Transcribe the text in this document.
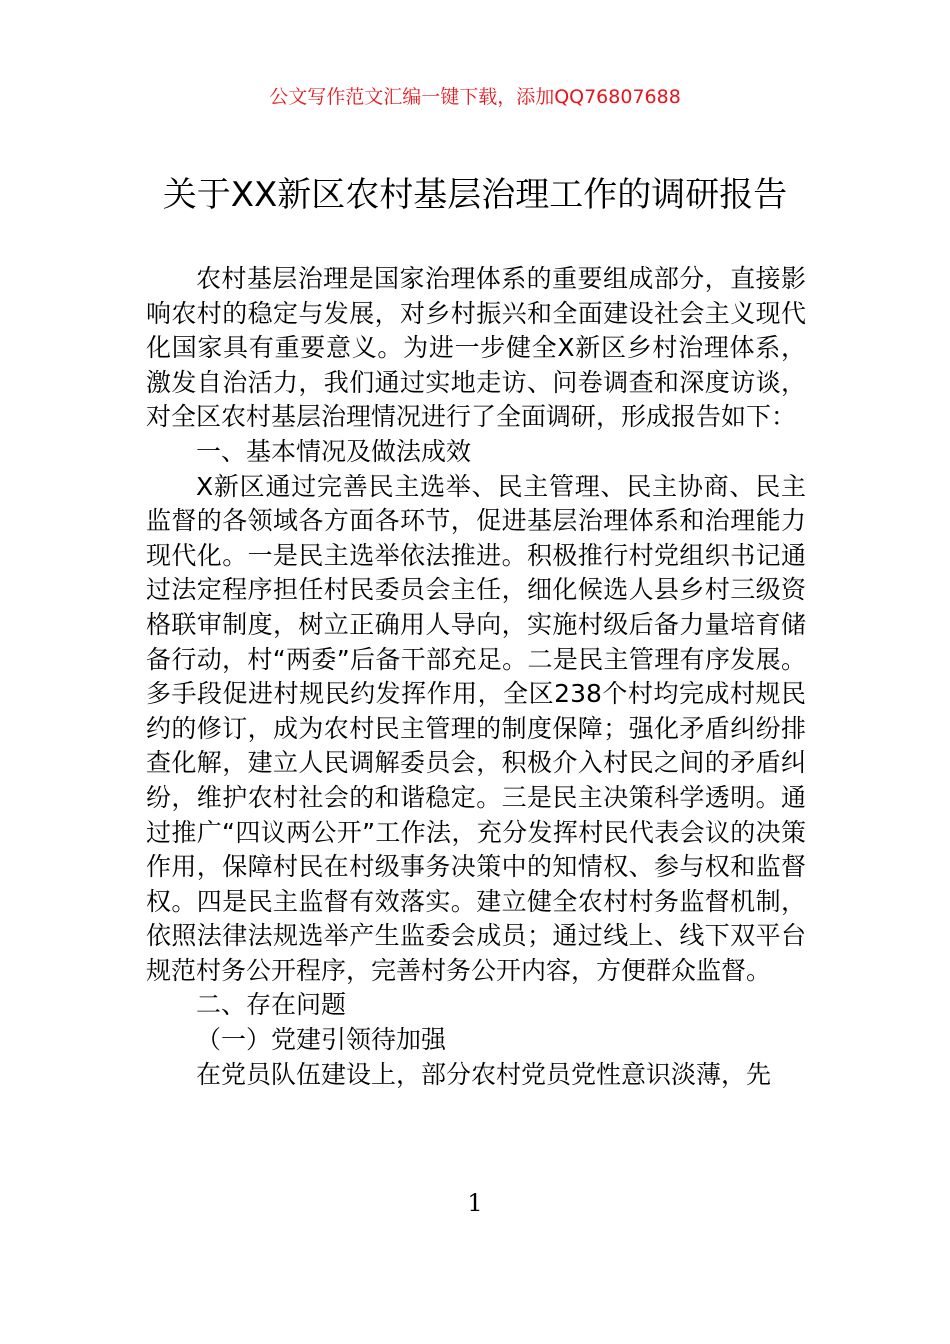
公文写作范文汇编一键下载，添加QQ76807688
关于XX新区农村基层治理工作的调研报告

农村基层治理是国家治理体系的重要组成部分，直接影响农村的稳定与发展，对乡村振兴和全面建设社会主义现代化国家具有重要意义。为进一步健全X新区乡村治理体系，激发自治活力，我们通过实地走访、问卷调查和深度访谈，对全区农村基层治理情况进行了全面调研，形成报告如下：

一、基本情况及做法成效

X新区通过完善民主选举、民主管理、民主协商、民主监督的各领域各方面各环节，促进基层治理体系和治理能力现代化。一是民主选举依法推进。积极推行村党组织书记通过法定程序担任村民委员会主任，细化候选人县乡村三级资格联审制度，树立正确用人导向，实施村级后备力量培育储备行动，村“两委”后备干部充足。二是民主管理有序发展。多手段促进村规民约发挥作用，全区238个村均完成村规民约的修订，成为农村民主管理的制度保障；强化矛盾纠纷排查化解，建立人民调解委员会，积极介入村民之间的矛盾纠纷，维护农村社会的和谐稳定。三是民主决策科学透明。通过推广“四议两公开”工作法，充分发挥村民代表会议的决策作用，保障村民在村级事务决策中的知情权、参与权和监督权。四是民主监督有效落实。建立健全农村村务监督机制，依照法律法规选举产生监委会成员；通过线上、线下双平台规范村务公开程序，完善村务公开内容，方便群众监督。

二、存在问题

（一）党建引领待加强

在党员队伍建设上，部分农村党员党性意识淡薄，先

1
